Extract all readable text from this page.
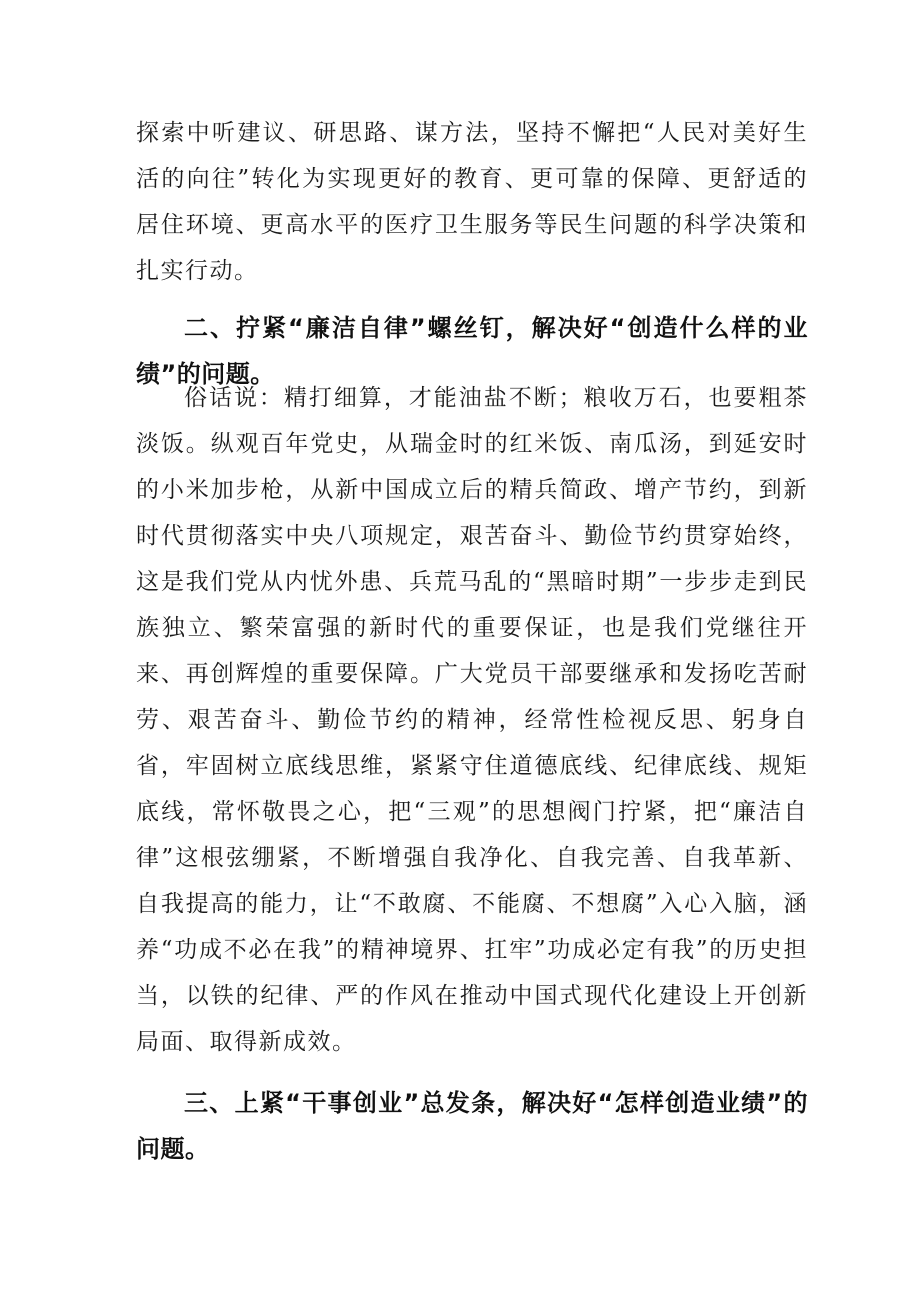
探索中听建议、研思路、谋方法，坚持不懈把“人民对美好生活的向往”转化为实现更好的教育、更可靠的保障、更舒适的居住环境、更高水平的医疗卫生服务等民生问题的科学决策和扎实行动。

二、拧紧“廉洁自律”螺丝钉，解决好“创造什么样的业绩”的问题。

俗话说：精打细算，才能油盐不断；粮收万石，也要粗茶淡饭。纵观百年党史，从瑞金时的红米饭、南瓜汤，到延安时的小米加步枪，从新中国成立后的精兵简政、增产节约，到新时代贯彻落实中央八项规定，艰苦奋斗、勤俭节约贯穿始终，这是我们党从内忧外患、兵荒马乱的“黑暗时期”一步步走到民族独立、繁荣富强的新时代的重要保证，也是我们党继往开来、再创辉煌的重要保障。广大党员干部要继承和发扬吃苦耐劳、艰苦奋斗、勤俭节约的精神，经常性检视反思、躬身自省，牢固树立底线思维，紧紧守住道德底线、纪律底线、规矩底线，常怀敬畏之心，把“三观”的思想阀门拧紧，把“廉洁自律”这根弦绷紧，不断增强自我净化、自我完善、自我革新、自我提高的能力，让“不敢腐、不能腐、不想腐”入心入脑，涵养“功成不必在我”的精神境界、扛牢”功成必定有我”的历史担当，以铁的纪律、严的作风在推动中国式现代化建设上开创新局面、取得新成效。

三、上紧“干事创业”总发条，解决好“怎样创造业绩”的问题。
